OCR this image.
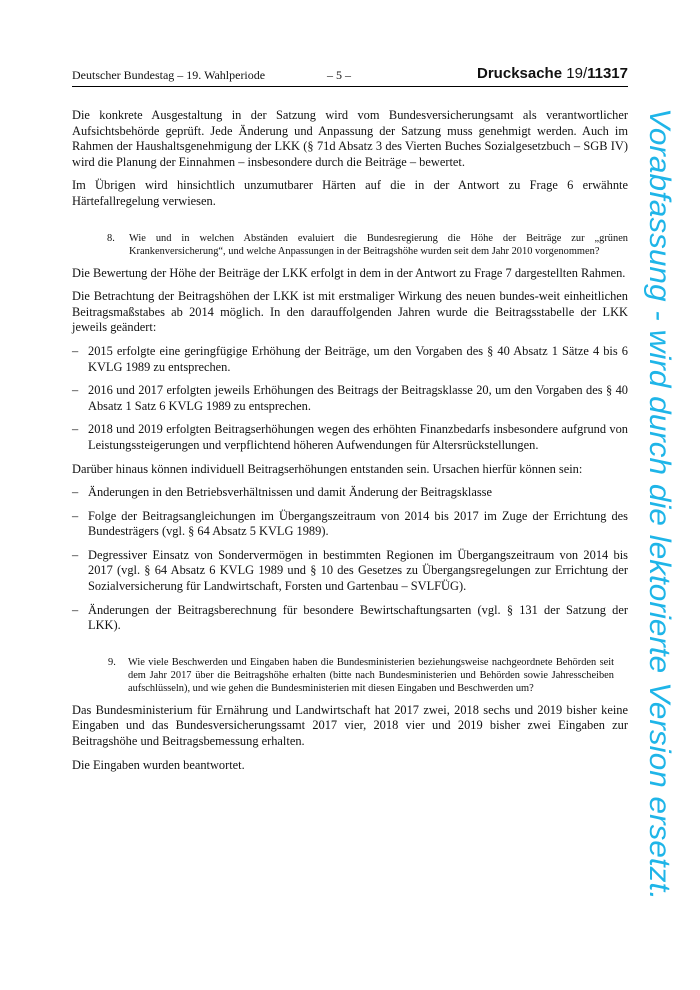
Deutscher Bundestag – 19. Wahlperiode	– 5 –	Drucksache 19/11317

Die konkrete Ausgestaltung in der Satzung wird vom Bundesversicherungsamt als verantwortlicher Aufsichtsbehörde geprüft. Jede Änderung und Anpassung der Satzung muss genehmigt werden. Auch im Rahmen der Haushaltsgenehmigung der LKK (§ 71d Absatz 3 des Vierten Buches Sozialgesetzbuch – SGB IV) wird die Planung der Einnahmen – insbesondere durch die Beiträge – bewertet.

Im Übrigen wird hinsichtlich unzumutbarer Härten auf die in der Antwort zu Frage 6 erwähnte Härtefallregelung verwiesen.

8.	Wie und in welchen Abständen evaluiert die Bundesregierung die Höhe der Beiträge zur „grünen Krankenversicherung“, und welche Anpassungen in der Beitragshöhe wurden seit dem Jahr 2010 vorgenommen?

Die Bewertung der Höhe der Beiträge der LKK erfolgt in dem in der Antwort zu Frage 7 dargestellten Rahmen.

Die Betrachtung der Beitragshöhen der LKK ist mit erstmaliger Wirkung des neuen bundes-weit einheitlichen Beitragsmaßstabes ab 2014 möglich. In den darauffolgenden Jahren wurde die Beitragsstabelle der LKK jeweils geändert:

– 2015 erfolgte eine geringfügige Erhöhung der Beiträge, um den Vorgaben des § 40 Absatz 1 Sätze 4 bis 6 KVLG 1989 zu entsprechen.
– 2016 und 2017 erfolgten jeweils Erhöhungen des Beitrags der Beitragsklasse 20, um den Vorgaben des § 40 Absatz 1 Satz 6 KVLG 1989 zu entsprechen.
– 2018 und 2019 erfolgten Beitragserhöhungen wegen des erhöhten Finanzbedarfs insbesondere aufgrund von Leistungssteigerungen und verpflichtend höheren Aufwendungen für Altersrückstellungen.

Darüber hinaus können individuell Beitragserhöhungen entstanden sein. Ursachen hierfür können sein:

– Änderungen in den Betriebsverhältnissen und damit Änderung der Beitragsklasse
– Folge der Beitragsangleichungen im Übergangszeitraum von 2014 bis 2017 im Zuge der Errichtung des Bundesträgers (vgl. § 64 Absatz 5 KVLG 1989).
– Degressiver Einsatz von Sondervermögen in bestimmten Regionen im Übergangszeitraum von 2014 bis 2017 (vgl. § 64 Absatz 6 KVLG 1989 und § 10 des Gesetzes zu Übergangsregelungen zur Errichtung der Sozialversicherung für Landwirtschaft, Forsten und Gartenbau – SVLFÜG).
– Änderungen der Beitragsberechnung für besondere Bewirtschaftungsarten (vgl. § 131 der Satzung der LKK).
9.	Wie viele Beschwerden und Eingaben haben die Bundesministerien beziehungsweise nachgeordnete Behörden seit dem Jahr 2017 über die Beitragshöhe erhalten (bitte nach Bundesministerien und Behörden sowie Jahresscheiben aufschlüsseln), und wie gehen die Bundesministerien mit diesen Eingaben und Beschwerden um?

Das Bundesministerium für Ernährung und Landwirtschaft hat 2017 zwei, 2018 sechs und 2019 bisher keine Eingaben und das Bundesversicherungssamt 2017 vier, 2018 vier und 2019 bisher zwei Eingaben zur Beitragshöhe und Beitragsbemessung erhalten.

Die Eingaben wurden beantwortet.	Vorabfassung - wird durch die lektorierte Version ersetzt.
